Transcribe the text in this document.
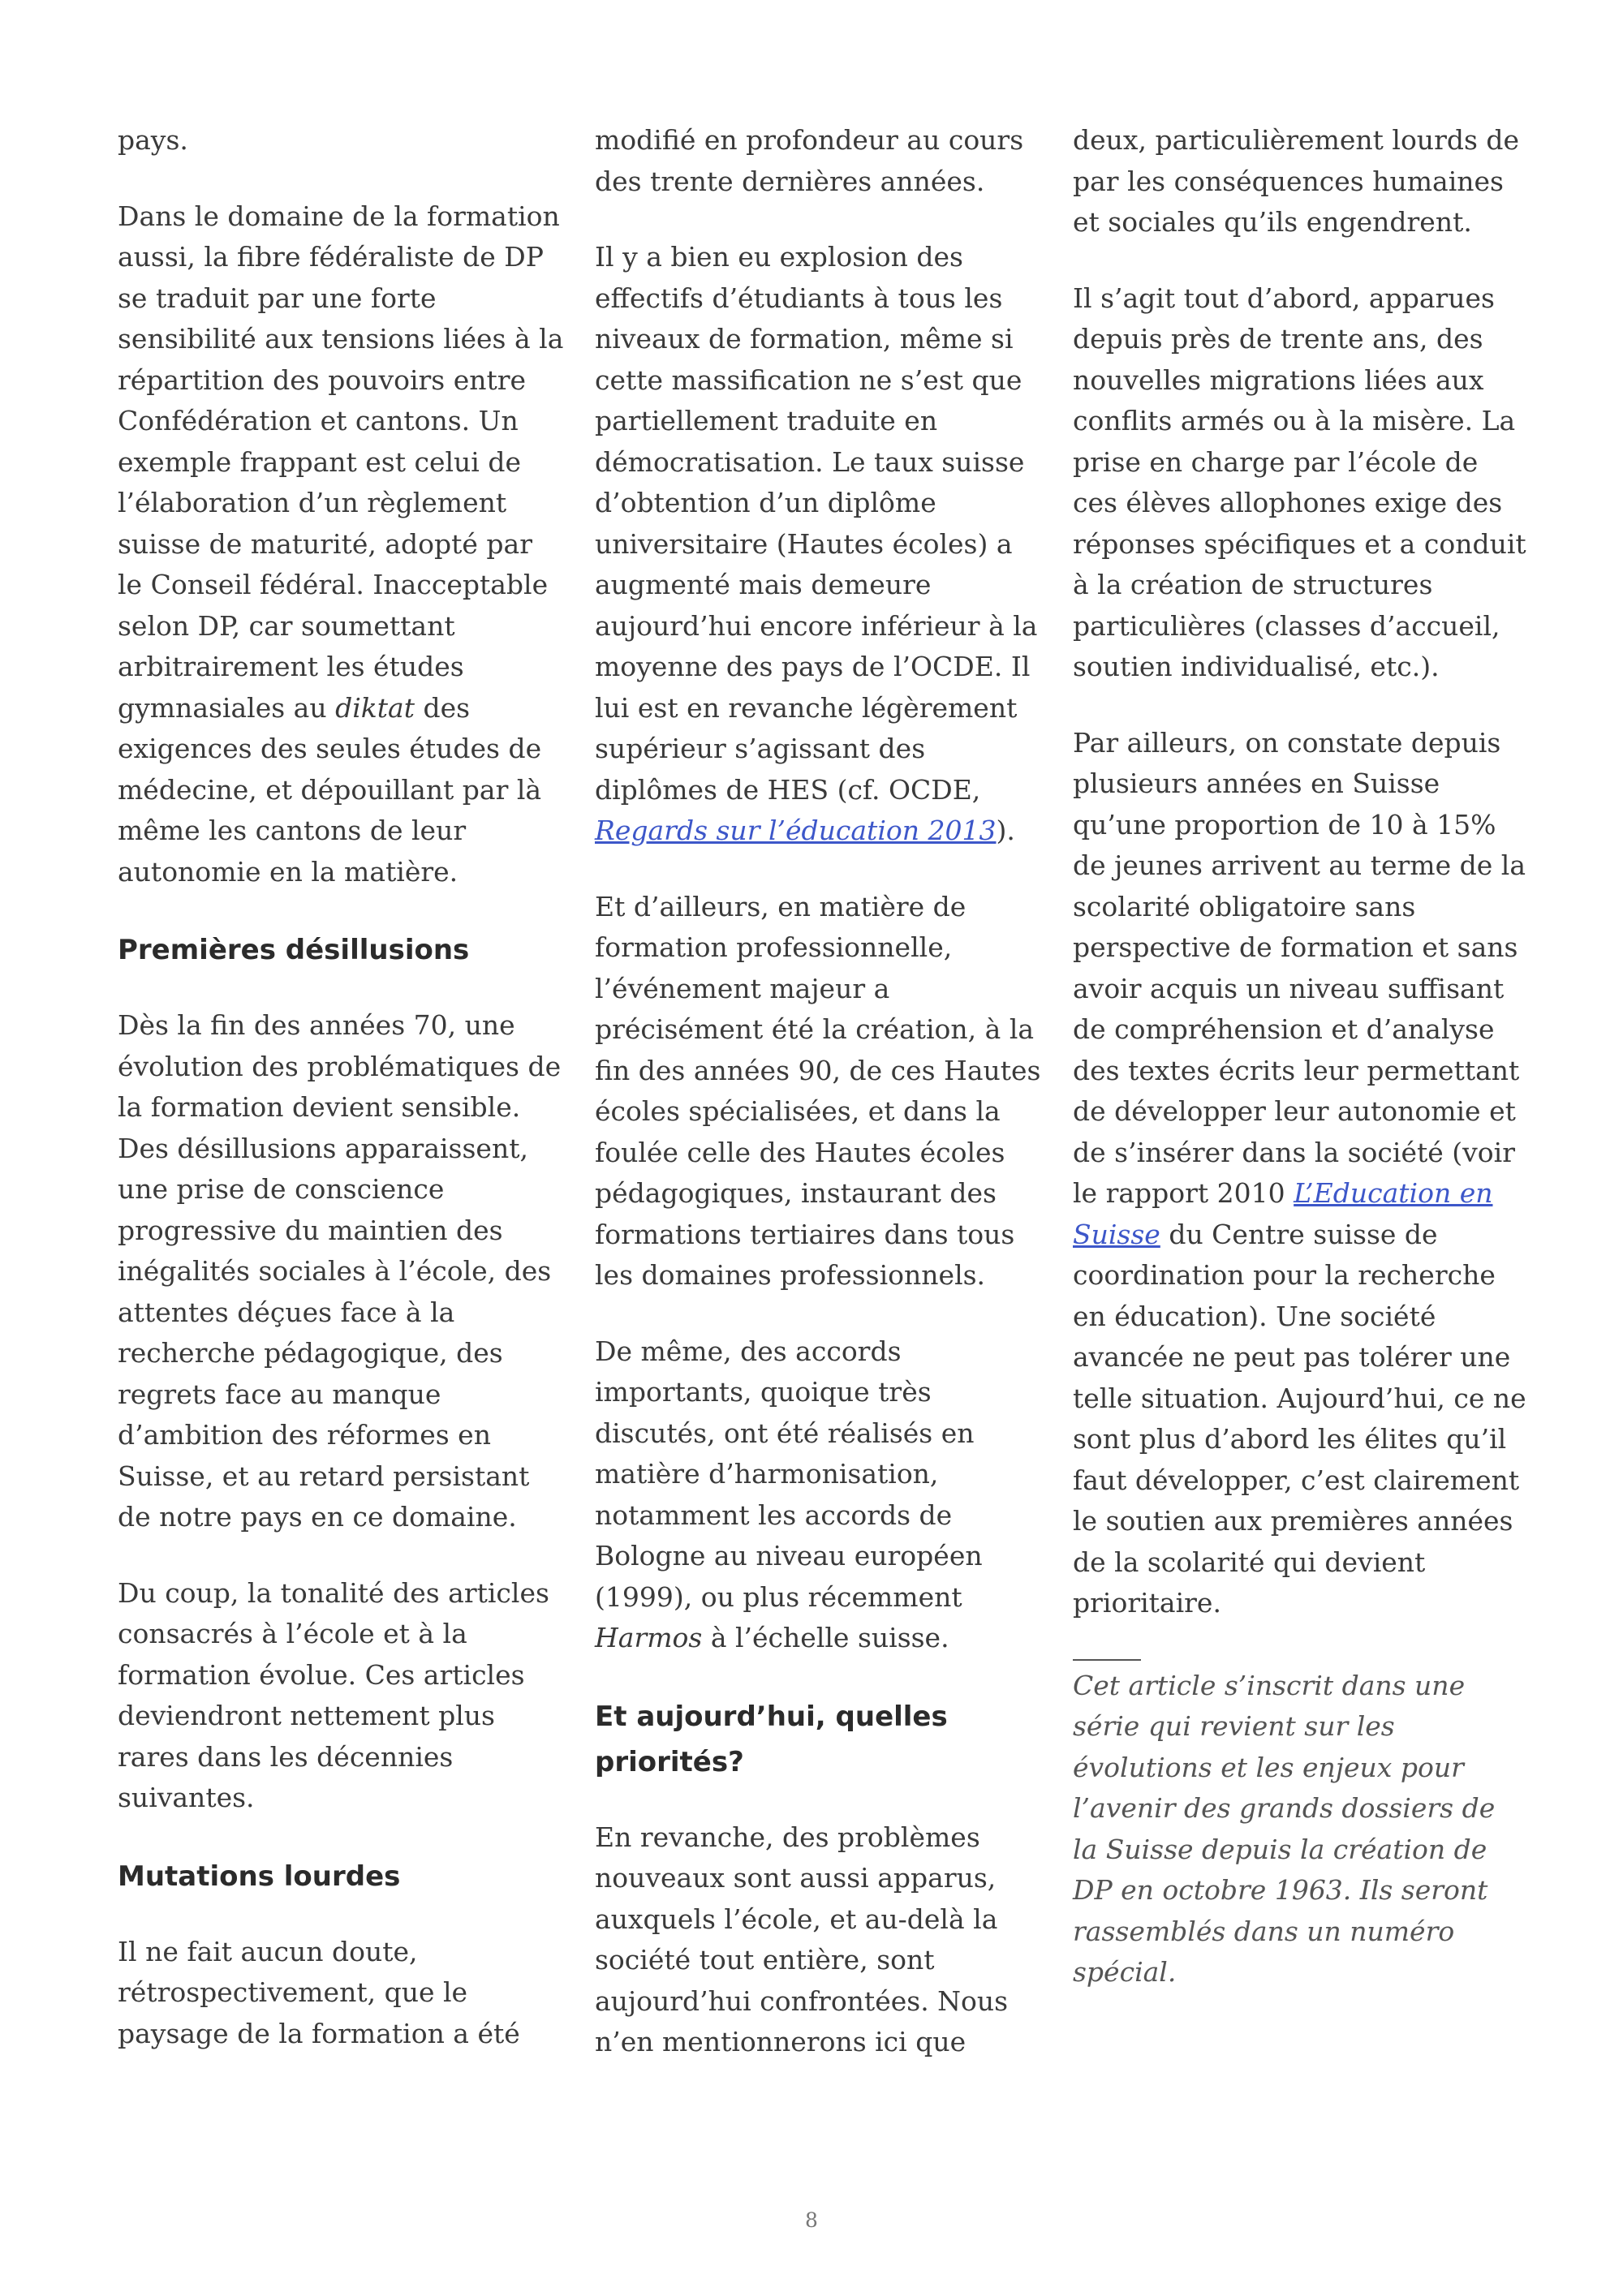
pays.

Dans le domaine de la formation aussi, la fibre fédéraliste de DP se traduit par une forte sensibilité aux tensions liées à la répartition des pouvoirs entre Confédération et cantons. Un exemple frappant est celui de l’élaboration d’un règlement suisse de maturité, adopté par le Conseil fédéral. Inacceptable selon DP, car soumettant arbitrairement les études gymnasiales au diktat des exigences des seules études de médecine, et dépouillant par là même les cantons de leur autonomie en la matière.

Premières désillusions

Dès la fin des années 70, une évolution des problématiques de la formation devient sensible. Des désillusions apparaissent, une prise de conscience progressive du maintien des inégalités sociales à l’école, des attentes déçues face à la recherche pédagogique, des regrets face au manque d’ambition des réformes en Suisse, et au retard persistant de notre pays en ce domaine.

Du coup, la tonalité des articles consacrés à l’école et à la formation évolue. Ces articles deviendront nettement plus rares dans les décennies suivantes.

Mutations lourdes

Il ne fait aucun doute, rétrospectivement, que le paysage de la formation a été

modifié en profondeur au cours des trente dernières années.

Il y a bien eu explosion des effectifs d’étudiants à tous les niveaux de formation, même si cette massification ne s’est que partiellement traduite en démocratisation. Le taux suisse d’obtention d’un diplôme universitaire (Hautes écoles) a augmenté mais demeure aujourd’hui encore inférieur à la moyenne des pays de l’OCDE. Il lui est en revanche légèrement supérieur s’agissant des diplômes de HES (cf. OCDE, Regards sur l’éducation 2013).

Et d’ailleurs, en matière de formation professionnelle, l’événement majeur a précisément été la création, à la fin des années 90, de ces Hautes écoles spécialisées, et dans la foulée celle des Hautes écoles pédagogiques, instaurant des formations tertiaires dans tous les domaines professionnels.

De même, des accords importants, quoique très discutés, ont été réalisés en matière d’harmonisation, notamment les accords de Bologne au niveau européen (1999), ou plus récemment Harmos à l’échelle suisse.

Et aujourd’hui, quelles priorités?

En revanche, des problèmes nouveaux sont aussi apparus, auxquels l’école, et au-delà la société tout entière, sont aujourd’hui confrontées. Nous n’en mentionnerons ici que

deux, particulièrement lourds de par les conséquences humaines et sociales qu’ils engendrent.

Il s’agit tout d’abord, apparues depuis près de trente ans, des nouvelles migrations liées aux conflits armés ou à la misère. La prise en charge par l’école de ces élèves allophones exige des réponses spécifiques et a conduit à la création de structures particulières (classes d’accueil, soutien individualisé, etc.).

Par ailleurs, on constate depuis plusieurs années en Suisse qu’une proportion de 10 à 15% de jeunes arrivent au terme de la scolarité obligatoire sans perspective de formation et sans avoir acquis un niveau suffisant de compréhension et d’analyse des textes écrits leur permettant de développer leur autonomie et de s’insérer dans la société (voir le rapport 2010 L’Education en Suisse du Centre suisse de coordination pour la recherche en éducation). Une société avancée ne peut pas tolérer une telle situation. Aujourd’hui, ce ne sont plus d’abord les élites qu’il faut développer, c’est clairement le soutien aux premières années de la scolarité qui devient prioritaire.

Cet article s’inscrit dans une série qui revient sur les évolutions et les enjeux pour l’avenir des grands dossiers de la Suisse depuis la création de DP en octobre 1963. Ils seront rassemblés dans un numéro spécial.

8
